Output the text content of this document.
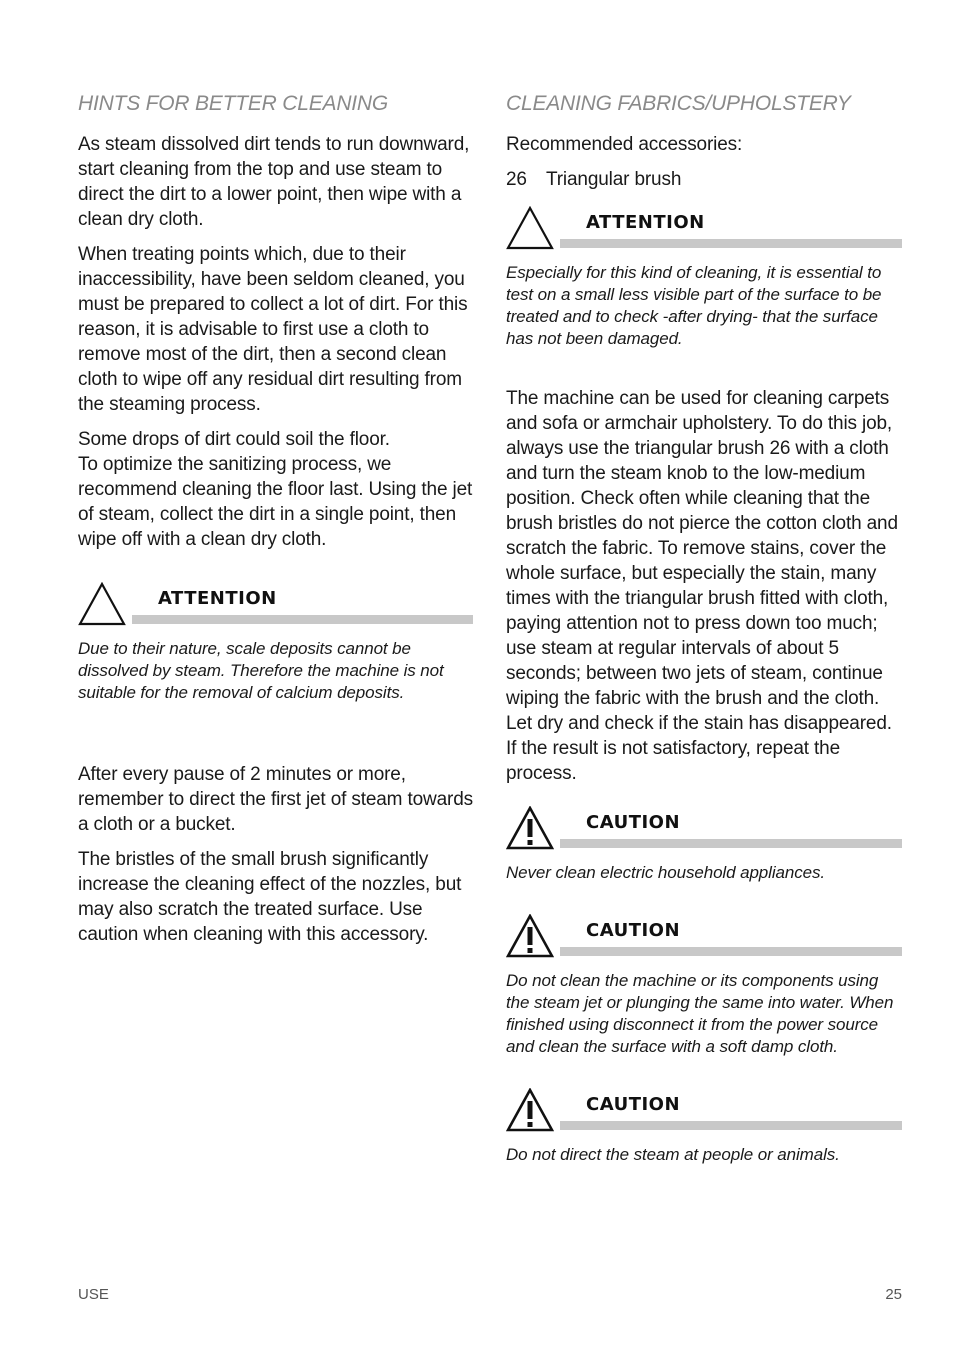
HINTS FOR BETTER CLEANING

As steam dissolved dirt tends to run downward, start cleaning from the top and use steam to direct the dirt to a lower point, then wipe with a clean dry cloth.

When treating points which, due to their inaccessibility, have been seldom cleaned, you must be prepared to collect a lot of dirt. For this reason, it is advisable to first use a cloth to remove most of the dirt, then a second clean cloth to wipe off any residual dirt resulting from the steaming process.

Some drops of dirt could soil the floor.
To optimize the sanitizing process, we recommend cleaning the floor last. Using the jet of steam, collect the dirt in a single point, then wipe off with a clean dry cloth.

ATTENTION

Due to their nature, scale deposits cannot be dissolved by steam. Therefore the machine is not suitable for the removal of calcium deposits.

After every pause of 2 minutes or more, remember to direct the first jet of steam towards a cloth or a bucket.

The bristles of the small brush significantly increase the cleaning effect of the nozzles, but may also scratch the treated surface. Use caution when cleaning with this accessory.

CLEANING FABRICS/UPHOLSTERY

Recommended accessories:

26	Triangular brush

ATTENTION

Especially for this kind of cleaning, it is essential to test on a small less visible part of the surface to be treated and to check -after drying- that the surface has not been damaged.

The machine can be used for cleaning carpets and sofa or armchair upholstery. To do this job, always use the triangular brush 26 with a cloth and turn the steam knob to the low-medium position. Check often while cleaning that the brush bristles do not pierce the cotton cloth and scratch the fabric. To remove stains, cover the whole surface, but especially the stain, many times with the triangular brush fitted with cloth, paying attention not to press down too much; use steam at regular intervals of about 5 seconds; between two jets of steam, continue wiping the fabric with the brush and the cloth. Let dry and check if the stain has disappeared. If the result is not satisfactory, repeat the process.

CAUTION

Never clean electric household appliances.

CAUTION

Do not clean the machine or its components using the steam jet or plunging the same into water. When finished using disconnect it from the power source and clean the surface with a soft damp cloth.

CAUTION

Do not direct the steam at people or animals.

USE	25
